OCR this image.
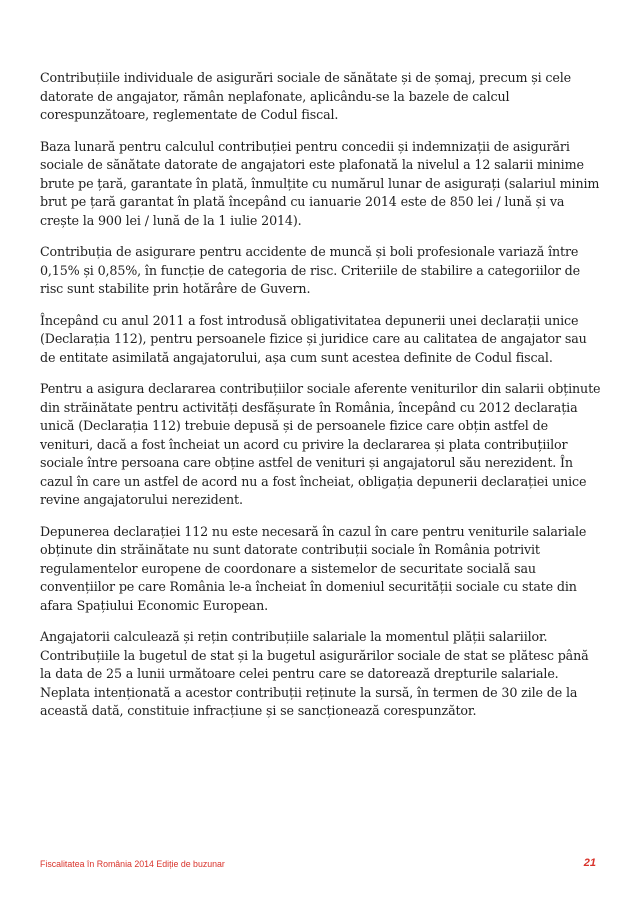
Contribuțiile individuale de asigurări sociale de sănătate și de șomaj, precum și cele datorate de angajator, rămân neplafonate, aplicându-se la bazele de calcul corespunzătoare, reglementate de Codul fiscal.

Baza lunară pentru calculul contribuției pentru concedii și indemnizații de asigurări sociale de sănătate datorate de angajatori este plafonată la nivelul a 12 salarii minime brute pe țară, garantate în plată, înmulțite cu numărul lunar de asigurați (salariul minim brut pe țară garantat în plată începând cu ianuarie 2014 este de 850 lei / lună și va crește la 900 lei / lună de la 1 iulie 2014).

Contribuția de asigurare pentru accidente de muncă și boli profesionale variază între 0,15% și 0,85%, în funcție de categoria de risc. Criteriile de stabilire a categoriilor de risc sunt stabilite prin hotărâre de Guvern.

Începând cu anul 2011 a fost introdusă obligativitatea depunerii unei declarații unice (Declarația 112), pentru persoanele fizice și juridice care au calitatea de angajator sau de entitate asimilată angajatorului, așa cum sunt acestea definite de Codul fiscal.

Pentru a asigura declararea contribuțiilor sociale aferente veniturilor din salarii obținute din străinătate pentru activități desfășurate în România, începând cu 2012 declarația unică (Declarația 112) trebuie depusă și de persoanele fizice care obțin astfel de venituri, dacă a fost încheiat un acord cu privire la declararea și plata contribuțiilor sociale între persoana care obține astfel de venituri și angajatorul său nerezident. În cazul în care un astfel de acord nu a fost încheiat, obligația depunerii declarației unice revine angajatorului nerezident.

Depunerea declarației 112 nu este necesară în cazul în care pentru veniturile salariale obținute din străinătate nu sunt datorate contribuții sociale în România potrivit regulamentelor europene de coordonare a sistemelor de securitate socială sau convențiilor pe care România le-a încheiat în domeniul securității sociale cu state din afara Spațiului Economic European.

Angajatorii calculează și rețin contribuțiile salariale la momentul plății salariilor. Contribuțiile la bugetul de stat și la bugetul asigurărilor sociale de stat se plătesc până la data de 25 a lunii următoare celei pentru care se datorează drepturile salariale. Neplata intenționată a acestor contribuții reținute la sursă, în termen de 30 zile de la această dată, constituie infracțiune și se sancționează corespunzător.

Fiscalitatea în România 2014 Ediție de buzunar	21
